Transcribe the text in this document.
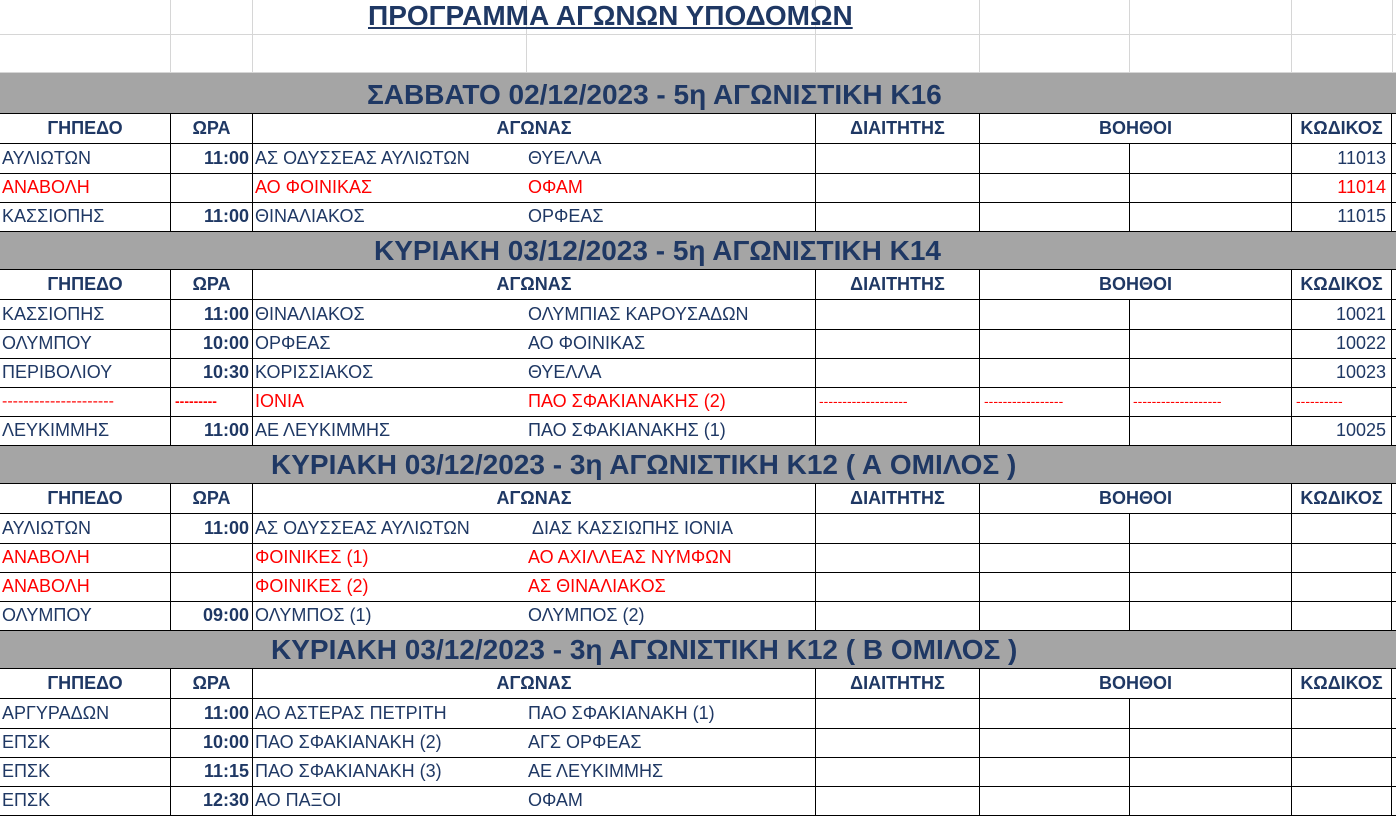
ΠΡΟΓΡΑΜΜΑ ΑΓΩΝΩΝ ΥΠΟΔΟΜΩΝ
ΣΑΒΒΑΤΟ 02/12/2023 - 5η ΑΓΩΝΙΣΤΙΚΗ Κ16
ΓΗΠΕΔΟ	ΩΡΑ	ΑΓΩΝΑΣ	ΔΙΑΙΤΗΤΗΣ	ΒΟΗΘΟΙ	ΚΩΔΙΚΟΣ
ΑΥΛΙΩΤΩΝ	11:00 ΑΣ ΟΔΥΣΣΕΑΣ ΑΥΛΙΩΤΩΝ	ΘΥΕΛΛΑ	11013
ΑΝΑΒΟΛΗ	ΑΟ ΦΟΙΝΙΚΑΣ	ΟΦΑΜ	11014
ΚΑΣΣΙΟΠΗΣ	11:00 ΘΙΝΑΛΙΑΚΟΣ	ΟΡΦΕΑΣ	11015
ΚΥΡΙΑΚΗ 03/12/2023 - 5η ΑΓΩΝΙΣΤΙΚΗ Κ14
ΓΗΠΕΔΟ	ΩΡΑ	ΑΓΩΝΑΣ	ΔΙΑΙΤΗΤΗΣ	ΒΟΗΘΟΙ	ΚΩΔΙΚΟΣ
ΚΑΣΣΙΟΠΗΣ	11:00 ΘΙΝΑΛΙΑΚΟΣ	ΟΛΥΜΠΙΑΣ ΚΑΡΟΥΣΑΔΩΝ	10021
ΟΛΥΜΠΟΥ	10:00 ΟΡΦΕΑΣ	ΑΟ ΦΟΙΝΙΚΑΣ	10022
ΠΕΡΙΒΟΛΙΟΥ	10:30 ΚΟΡΙΣΣΙΑΚΟΣ	ΘΥΕΛΛΑ	10023
---------------------	---------	ΙΟΝΙΑ	ΠΑΟ ΣΦΑΚΙΑΝΑΚΗΣ (2)	-------------------	-----------------	-------------------	----------
ΛΕΥΚΙΜΜΗΣ	11:00 ΑΕ ΛΕΥΚΙΜΜΗΣ	ΠΑΟ ΣΦΑΚΙΑΝΑΚΗΣ (1)	10025
ΚΥΡΙΑΚΗ 03/12/2023 - 3η ΑΓΩΝΙΣΤΙΚΗ Κ12 ( Α ΟΜΙΛΟΣ )
ΓΗΠΕΔΟ	ΩΡΑ	ΑΓΩΝΑΣ	ΔΙΑΙΤΗΤΗΣ	ΒΟΗΘΟΙ	ΚΩΔΙΚΟΣ
ΑΥΛΙΩΤΩΝ	11:00 ΑΣ ΟΔΥΣΣΕΑΣ ΑΥΛΙΩΤΩΝ	ΔΙΑΣ ΚΑΣΣΙΩΠΗΣ ΙΟΝΙΑ
ΑΝΑΒΟΛΗ	ΦΟΙΝΙΚΕΣ (1)	ΑΟ ΑΧΙΛΛΕΑΣ ΝΥΜΦΩΝ
ΑΝΑΒΟΛΗ	ΦΟΙΝΙΚΕΣ (2)	ΑΣ ΘΙΝΑΛΙΑΚΟΣ
ΟΛΥΜΠΟΥ	09:00 ΟΛΥΜΠΟΣ (1)	ΟΛΥΜΠΟΣ (2)
ΚΥΡΙΑΚΗ 03/12/2023 - 3η ΑΓΩΝΙΣΤΙΚΗ Κ12 ( Β ΟΜΙΛΟΣ )
ΓΗΠΕΔΟ	ΩΡΑ	ΑΓΩΝΑΣ	ΔΙΑΙΤΗΤΗΣ	ΒΟΗΘΟΙ	ΚΩΔΙΚΟΣ
ΑΡΓΥΡΑΔΩΝ	11:00 ΑΟ ΑΣΤΕΡΑΣ ΠΕΤΡΙΤΗ	ΠΑΟ ΣΦΑΚΙΑΝΑΚΗ (1)
ΕΠΣΚ	10:00 ΠΑΟ ΣΦΑΚΙΑΝΑΚΗ (2)	ΑΓΣ ΟΡΦΕΑΣ
ΕΠΣΚ	11:15 ΠΑΟ ΣΦΑΚΙΑΝΑΚΗ (3)	ΑΕ ΛΕΥΚΙΜΜΗΣ
ΕΠΣΚ	12:30 ΑΟ ΠΑΞΟΙ	ΟΦΑΜ
